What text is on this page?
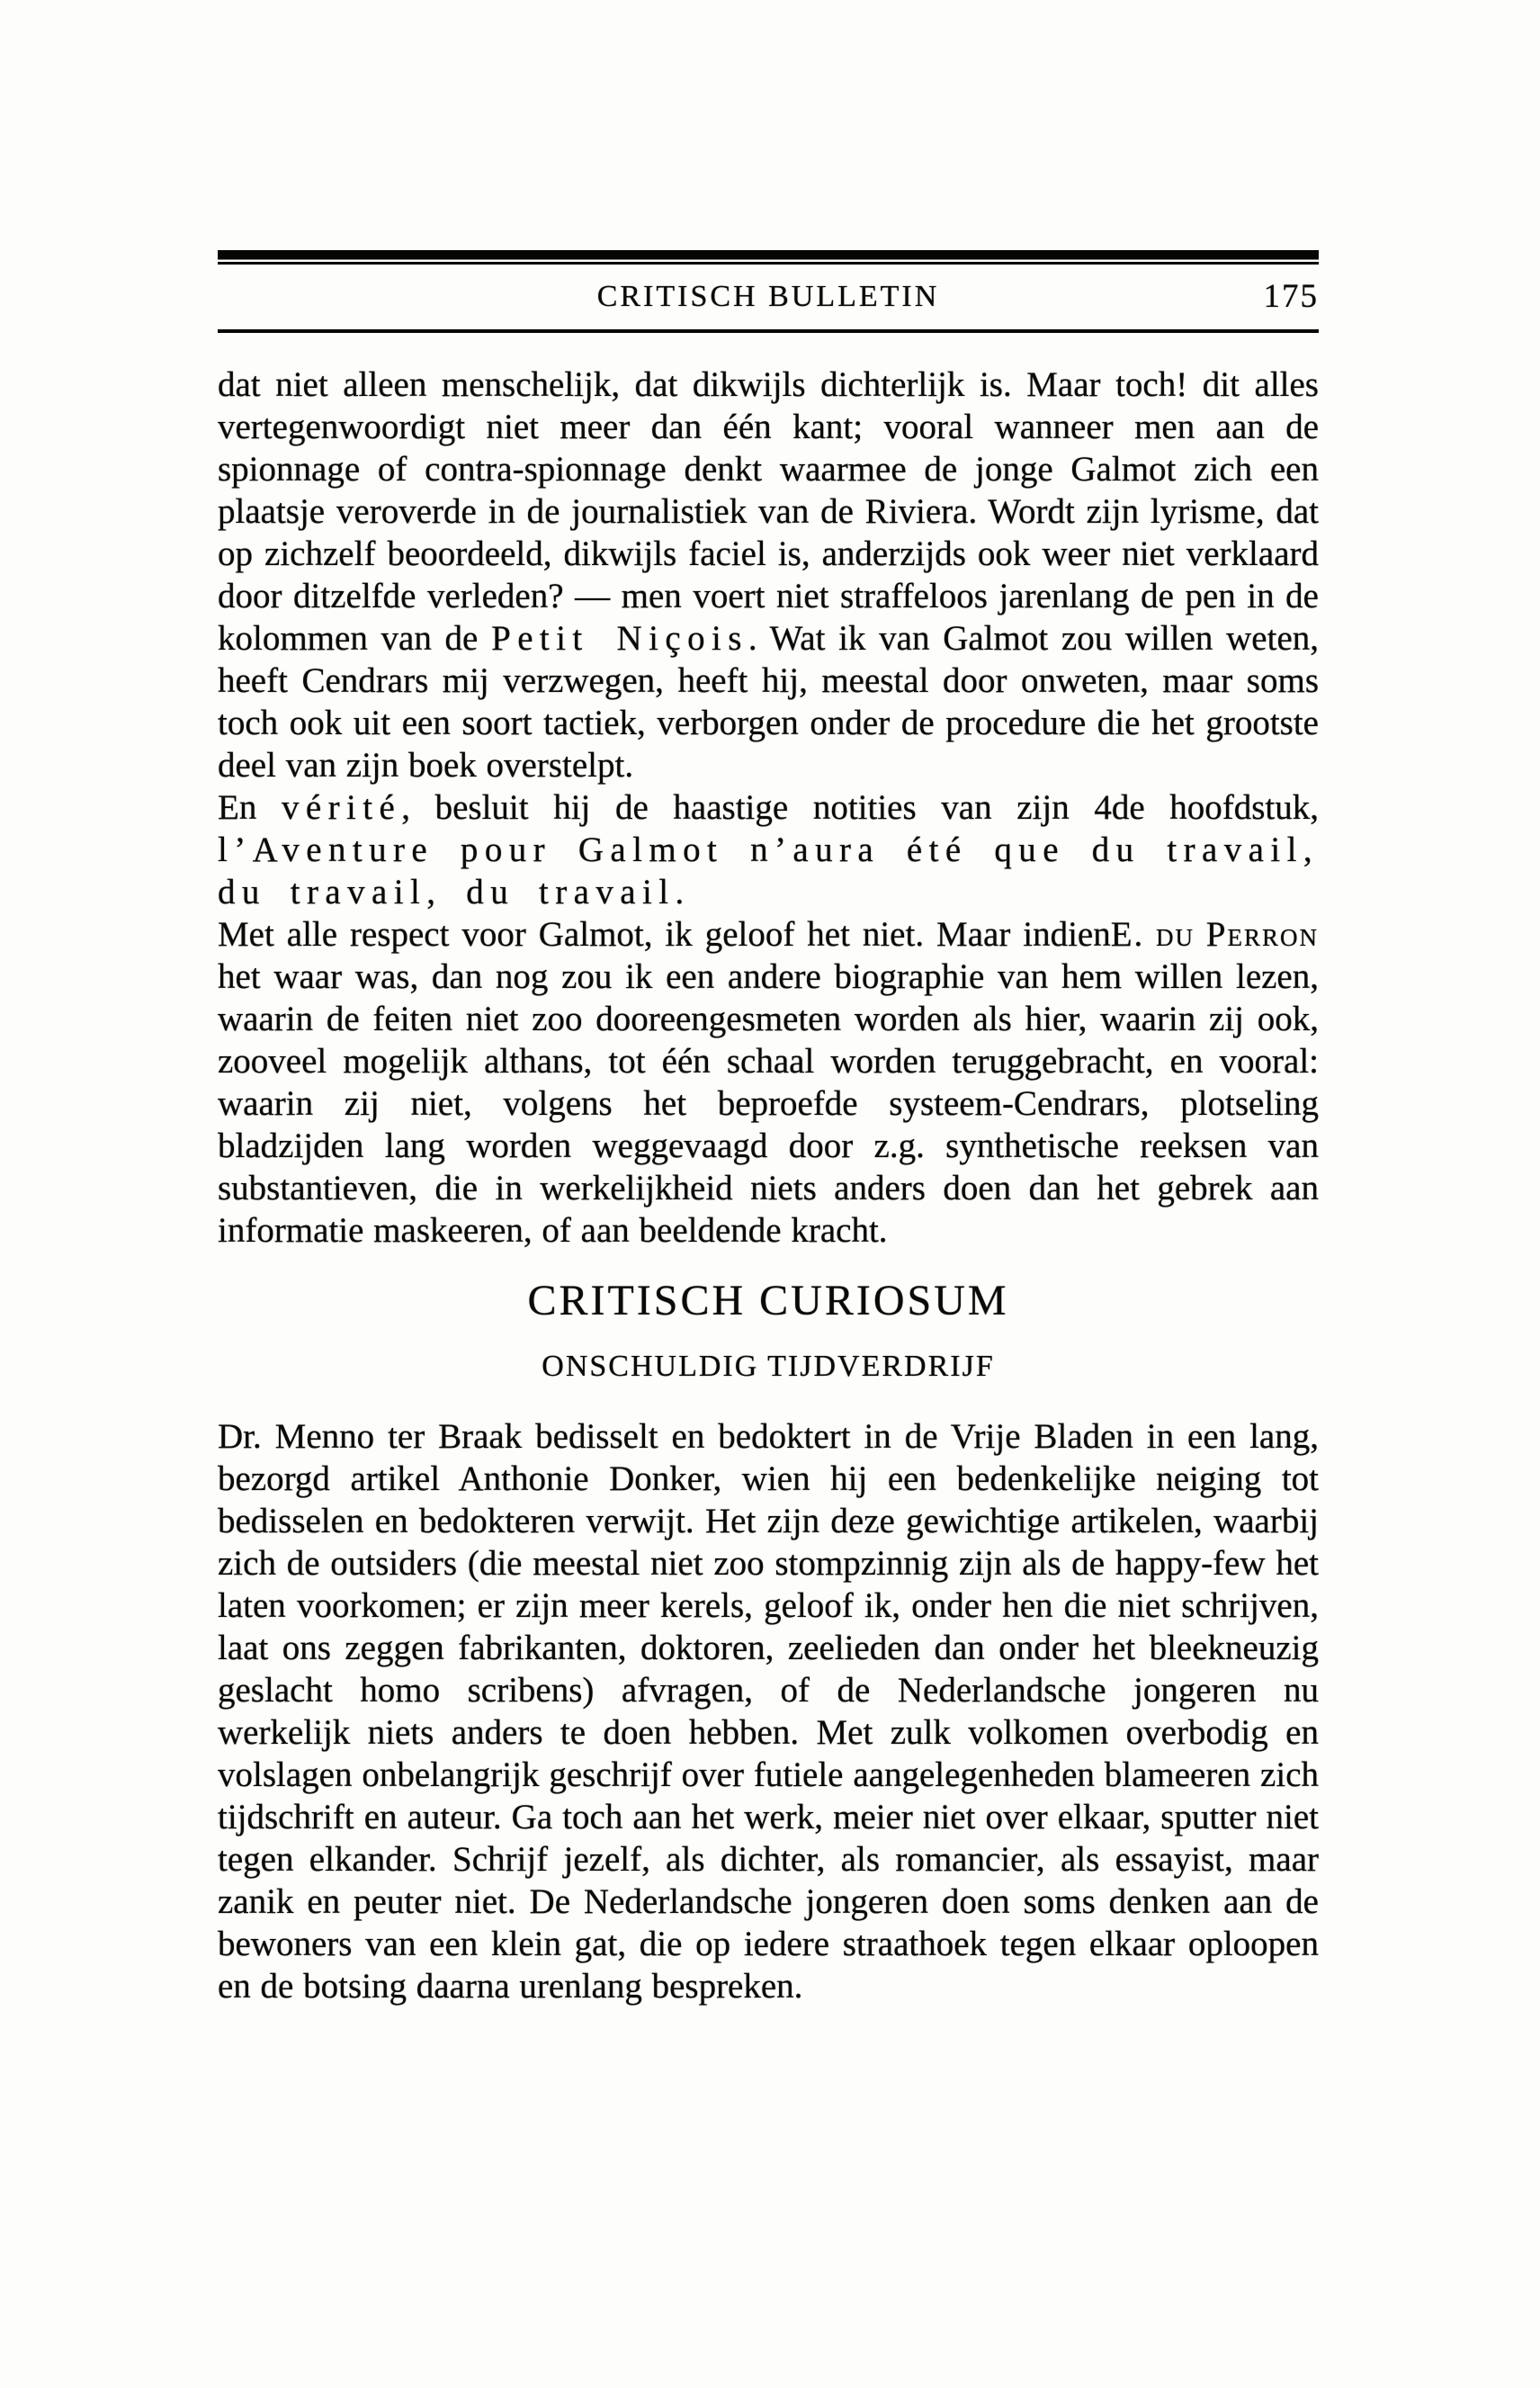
CRITISCH BULLETIN	175

dat niet alleen menschelijk, dat dikwijls dichterlijk is. Maar toch! dit alles vertegenwoordigt niet meer dan één kant; vooral wanneer men aan de spionnage of contra-spionnage denkt waarmee de jonge Galmot zich een plaatsje veroverde in de journalistiek van de Riviera. Wordt zijn lyrisme, dat op zichzelf beoordeeld, dikwijls faciel is, anderzijds ook weer niet verklaard door ditzelfde verleden? — men voert niet straffeloos jarenlang de pen in de kolommen van de Petit Niçois. Wat ik van Galmot zou willen weten, heeft Cendrars mij verzwegen, heeft hij, meestal door onweten, maar soms toch ook uit een soort tactiek, verborgen onder de procedure die het grootste deel van zijn boek overstelpt.

En vérité, besluit hij de haastige notities van zijn 4de hoofdstuk, l’Aventure pour Galmot n’aura été que du travail, du travail, du travail.

E. du Perron
Met alle respect voor Galmot, ik geloof het niet. Maar indien het waar was, dan nog zou ik een andere biographie van hem willen lezen, waarin de feiten niet zoo dooreengesmeten worden als hier, waarin zij ook, zooveel mogelijk althans, tot één schaal worden teruggebracht, en vooral: waarin zij niet, volgens het beproefde systeem-Cendrars, plotseling bladzijden lang worden weggevaagd door z.g. synthetische reeksen van substantieven, die in werkelijkheid niets anders doen dan het gebrek aan informatie maskeeren, of aan beeldende kracht.

CRITISCH CURIOSUM
ONSCHULDIG TIJDVERDRIJF

Dr. Menno ter Braak bedisselt en bedoktert in de Vrije Bladen in een lang, bezorgd artikel Anthonie Donker, wien hij een bedenkelijke neiging tot bedisselen en bedokteren verwijt. Het zijn deze gewichtige artikelen, waarbij zich de outsiders (die meestal niet zoo stompzinnig zijn als de happy-few het laten voorkomen; er zijn meer kerels, geloof ik, onder hen die niet schrijven, laat ons zeggen fabrikanten, doktoren, zeelieden dan onder het bleekneuzig geslacht homo scribens) afvragen, of de Nederlandsche jongeren nu werkelijk niets anders te doen hebben. Met zulk volkomen overbodig en volslagen onbelangrijk geschrijf over futiele aangelegenheden blameeren zich tijdschrift en auteur. Ga toch aan het werk, meier niet over elkaar, sputter niet tegen elkander. Schrijf jezelf, als dichter, als romancier, als essayist, maar zanik en peuter niet. De Nederlandsche jongeren doen soms denken aan de bewoners van een klein gat, die op iedere straathoek tegen elkaar oploopen en de botsing daarna urenlang bespreken.
